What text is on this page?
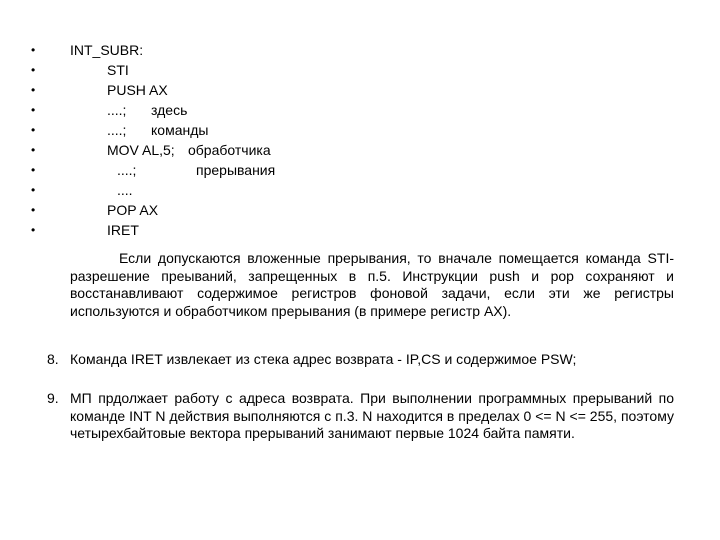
•

INT_SUBR:

•

	STI

•

	PUSH AX

•

	....;

здесь

•

	....;

команды

•

	MOV AL,5;

обработчика

•

	....;

	прерывания

•

	....

•

	POP AX

•

	IRET

Если допускаются вложенные прерывания, то вначале помещается команда STI- разрешение преываний, запрещенных в п.5. Инструкции push и pop сохраняют и восстанавливают содержимое регистров фоновой задачи, если эти же регистры используются и обработчиком прерывания (в примере регистр AX).
8. Команда IRET извлекает из стека адрес возврата - IP,CS и содержимое PSW;
9. МП прдолжает работу с адреса возврата. При выполнении программных прерываний по команде INT N действия выполняются с п.3. N находится в пределах 0 <= N <= 255, поэтому четырехбайтовые вектора прерываний занимают первые 1024 байта памяти.
